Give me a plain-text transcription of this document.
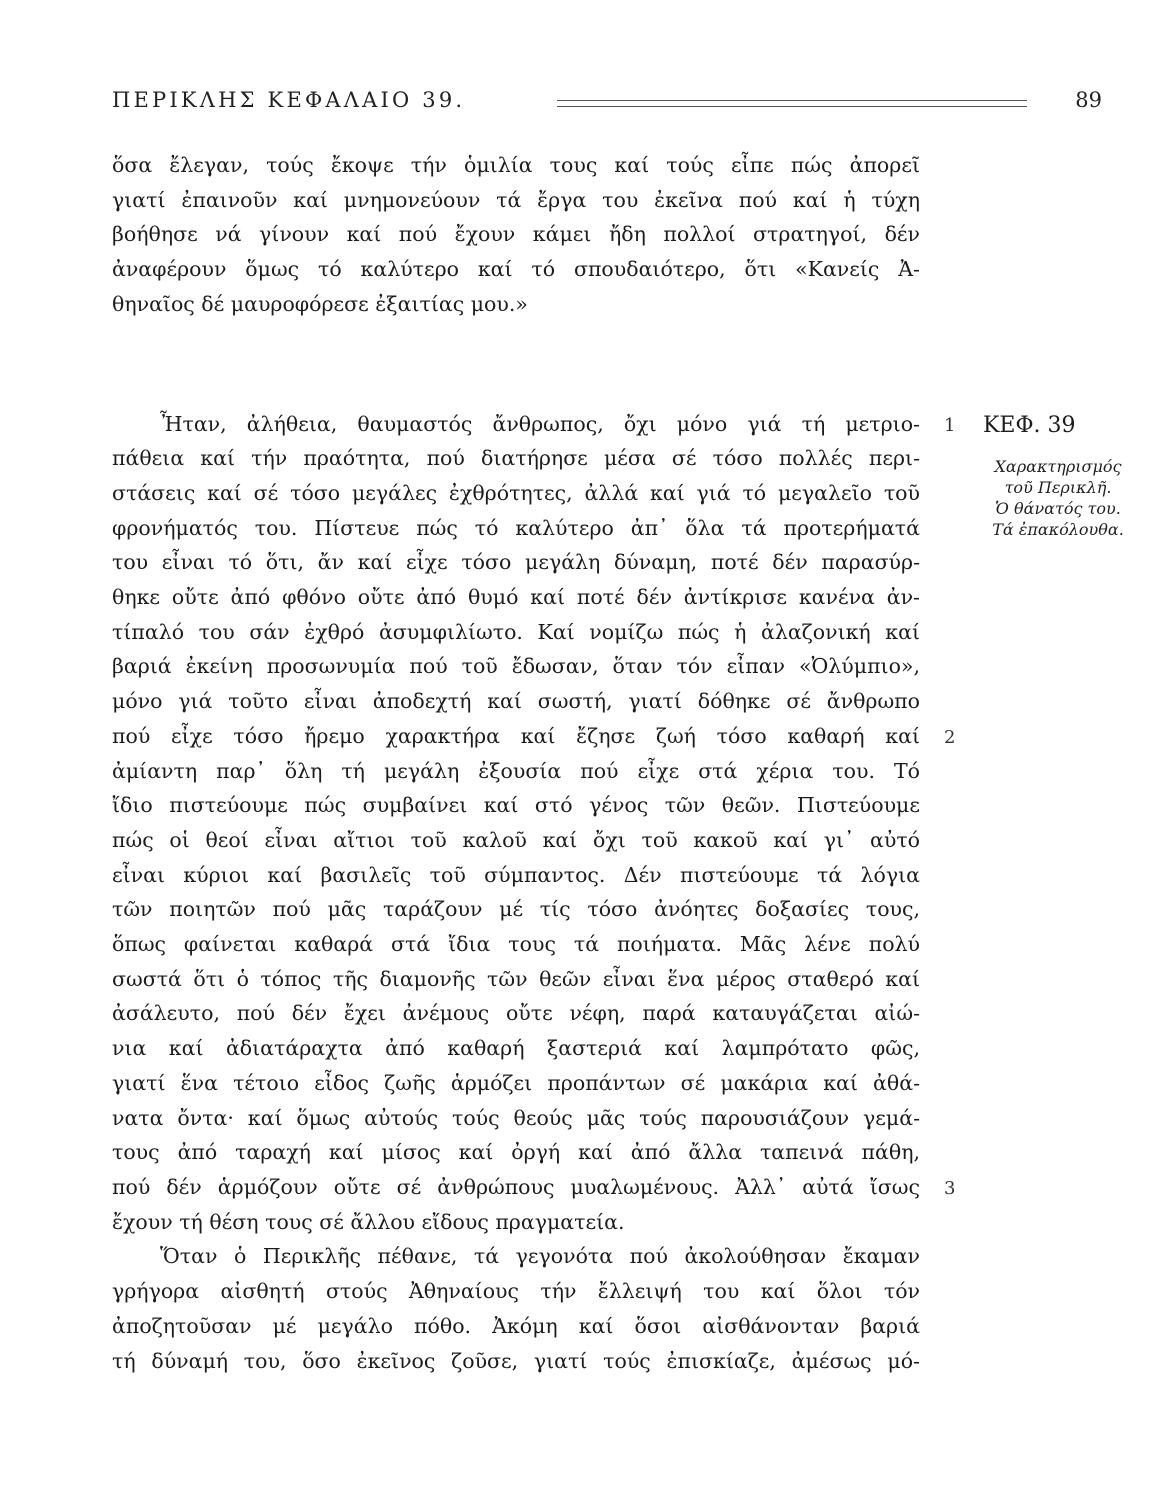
ΠΕΡΙΚΛΗΣ ΚΕΦΑΛΑΙΟ 39.	89

ὅσα ἔλεγαν, τούς ἔκοψε τήν ὁμιλία τους καί τούς εἶπε πώς ἀπορεῖ
γιατί ἐπαινοῦν καί μνημονεύουν τά ἔργα του ἐκεῖνα πού καί ἡ τύχη
βοήθησε νά γίνουν καί πού ἔχουν κάμει ἤδη πολλοί στρατηγοί, δέν
ἀναφέρουν ὅμως τό καλύτερο καί τό σπουδαιότερο, ὅτι «Κανείς Ἀ-
θηναῖος δέ μαυροφόρεσε ἐξαιτίας μου.»

Ἦταν, ἀλήθεια, θαυμαστός ἄνθρωπος, ὄχι μόνο γιά τή μετριο-
πάθεια καί τήν πραότητα, πού διατήρησε μέσα σέ τόσο πολλές περι-
στάσεις καί σέ τόσο μεγάλες ἐχθρότητες, ἀλλά καί γιά τό μεγαλεῖο τοῦ
φρονήματός του. Πίστευε πώς τό καλύτερο ἀπ᾽ ὅλα τά προτερήματά
του εἶναι τό ὅτι, ἄν καί εἶχε τόσο μεγάλη δύναμη, ποτέ δέν παρασύρ-
θηκε οὔτε ἀπό φθόνο οὔτε ἀπό θυμό καί ποτέ δέν ἀντίκρισε κανένα ἀν-
τίπαλό του σάν ἐχθρό ἀσυμφιλίωτο. Καί νομίζω πώς ἡ ἀλαζονική καί
βαριά ἐκείνη προσωνυμία πού τοῦ ἔδωσαν, ὅταν τόν εἶπαν «Ὀλύμπιο»,
μόνο γιά τοῦτο εἶναι ἀποδεχτή καί σωστή, γιατί δόθηκε σέ ἄνθρωπο
πού εἶχε τόσο ἤρεμο χαρακτήρα καί ἔζησε ζωή τόσο καθαρή καί
ἀμίαντη παρ᾽ ὅλη τή μεγάλη ἐξουσία πού εἶχε στά χέρια του. Τό
ἴδιο πιστεύουμε πώς συμβαίνει καί στό γένος τῶν θεῶν. Πιστεύουμε
πώς οἱ θεοί εἶναι αἴτιοι τοῦ καλοῦ καί ὄχι τοῦ κακοῦ καί γι᾽ αὐτό
εἶναι κύριοι καί βασιλεῖς τοῦ σύμπαντος. Δέν πιστεύουμε τά λόγια
τῶν ποιητῶν πού μᾶς ταράζουν μέ τίς τόσο ἀνόητες δοξασίες τους,
ὅπως φαίνεται καθαρά στά ἴδια τους τά ποιήματα. Μᾶς λένε πολύ
σωστά ὅτι ὁ τόπος τῆς διαμονῆς τῶν θεῶν εἶναι ἕνα μέρος σταθερό καί
ἀσάλευτο, πού δέν ἔχει ἀνέμους οὔτε νέφη, παρά καταυγάζεται αἰώ-
νια καί ἀδιατάραχτα ἀπό καθαρή ξαστεριά καί λαμπρότατο φῶς,
γιατί ἕνα τέτοιο εἶδος ζωῆς ἁρμόζει προπάντων σέ μακάρια καί ἀθά-
νατα ὄντα· καί ὅμως αὐτούς τούς θεούς μᾶς τούς παρουσιάζουν γεμά-
τους ἀπό ταραχή καί μίσος καί ὀργή καί ἀπό ἄλλα ταπεινά πάθη,
πού δέν ἁρμόζουν οὔτε σέ ἀνθρώπους μυαλωμένους. Ἀλλ᾽ αὐτά ἴσως
ἔχουν τή θέση τους σέ ἄλλου εἴδους πραγματεία.

Ὅταν ὁ Περικλῆς πέθανε, τά γεγονότα πού ἀκολούθησαν ἔκαμαν
γρήγορα αἰσθητή στούς Ἀθηναίους τήν ἔλλειψή του καί ὅλοι τόν
ἀποζητοῦσαν μέ μεγάλο πόθο. Ἀκόμη καί ὅσοι αἰσθάνονταν βαριά
τή δύναμή του, ὅσο ἐκεῖνος ζοῦσε, γιατί τούς ἐπισκίαζε, ἀμέσως μό-

1
2
3
ΚΕΦ. 39
Χαρακτηρισμός
τοῦ Περικλῆ.
Ὁ θάνατός του.
Τά ἐπακόλουθα.
